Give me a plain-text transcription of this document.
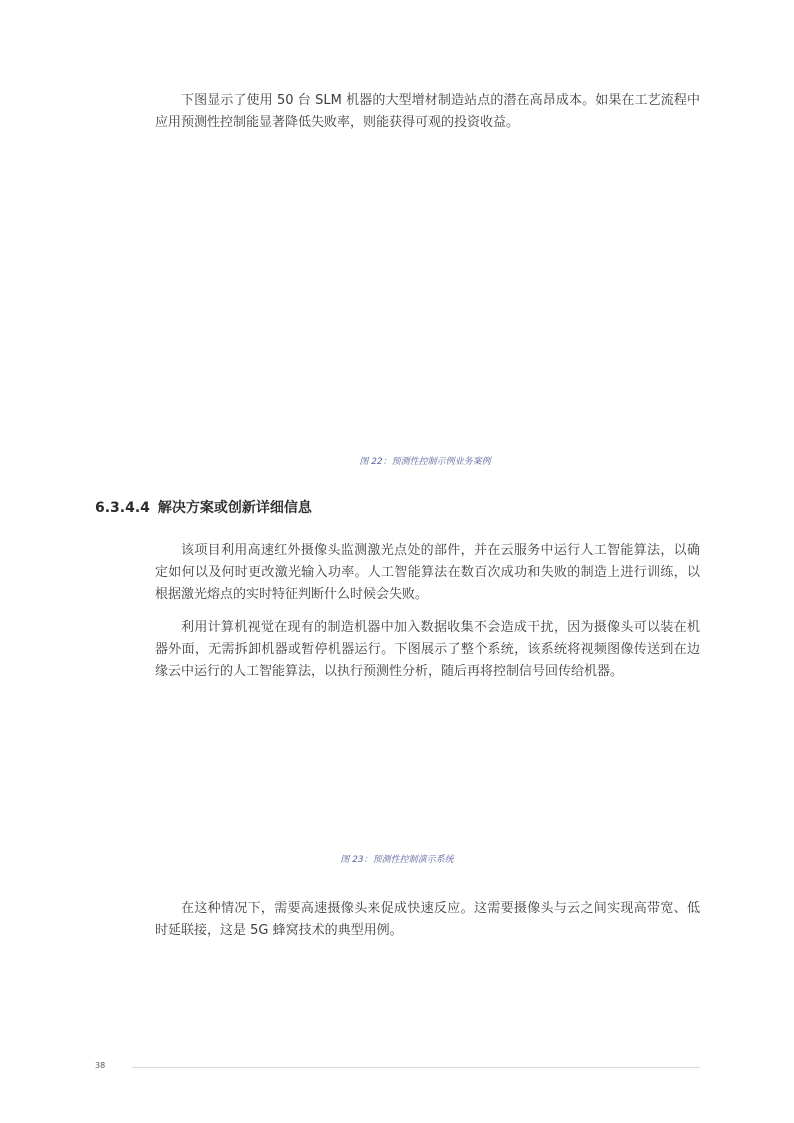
下图显示了使用 50 台 SLM 机器的大型增材制造站点的潜在高昂成本。如果在工艺流程中应用预测性控制能显著降低失败率，则能获得可观的投资收益。

图 22：预测性控制示例业务案例
6.3.4.4 解决方案或创新详细信息

该项目利用高速红外摄像头监测激光点处的部件，并在云服务中运行人工智能算法，以确定如何以及何时更改激光输入功率。人工智能算法在数百次成功和失败的制造上进行训练，以根据激光熔点的实时特征判断什么时候会失败。

利用计算机视觉在现有的制造机器中加入数据收集不会造成干扰，因为摄像头可以装在机器外面，无需拆卸机器或暂停机器运行。下图展示了整个系统，该系统将视频图像传送到在边缘云中运行的人工智能算法，以执行预测性分析，随后再将控制信号回传给机器。

图 23：预测性控制演示系统

在这种情况下，需要高速摄像头来促成快速反应。这需要摄像头与云之间实现高带宽、低时延联接，这是 5G 蜂窝技术的典型用例。

38
